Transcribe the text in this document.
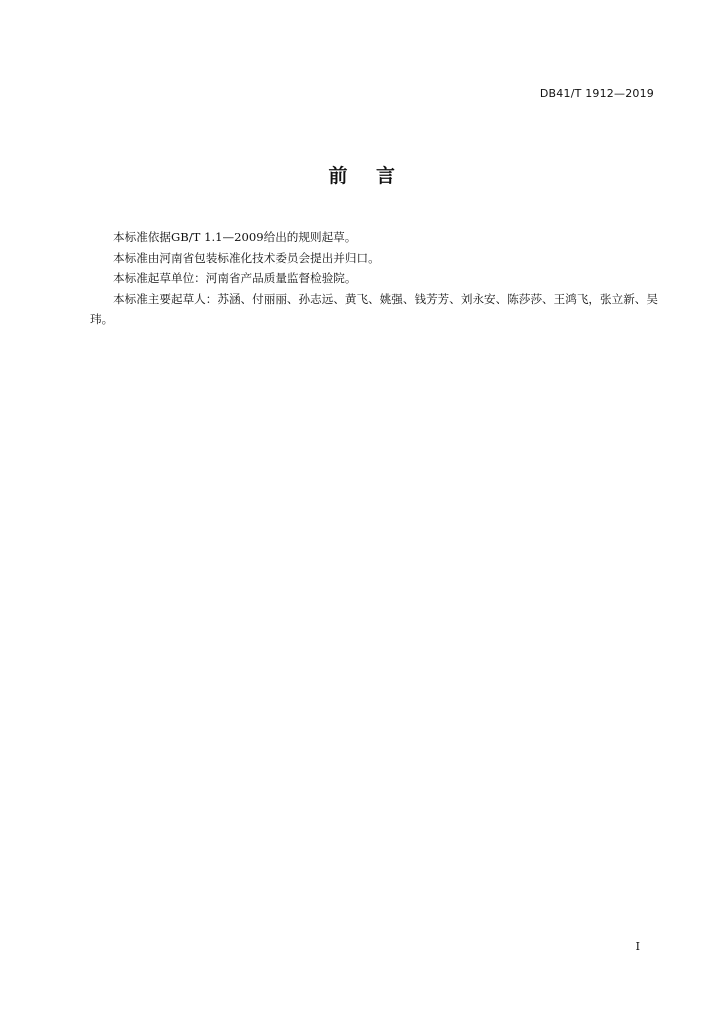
DB41/T 1912—2019
前 言

本标准依据GB/T 1.1—2009给出的规则起草。

本标准由河南省包装标准化技术委员会提出并归口。

本标准起草单位：河南省产品质量监督检验院。

本标准主要起草人：苏涵、付丽丽、孙志远、黄飞、姚强、钱芳芳、刘永安、陈莎莎、王鸿飞，张立新、吴玮。

I
